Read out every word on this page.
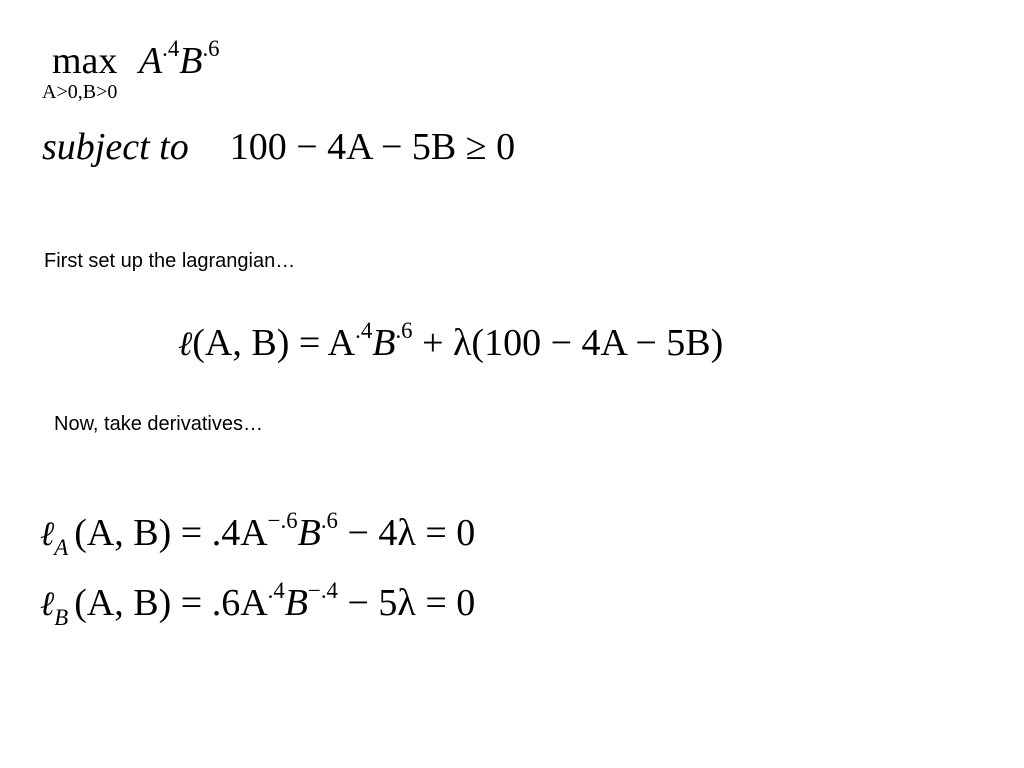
$\max A^{.4}B^{.6}$
A>0,B>0
subject to 100 − 4A − 5B ≥ 0
First set up the lagrangian…
ℓ(A, $B) = A^{.4}B^{.6} + \lambda(100 - 4A - 5B)$
Now, take derivatives…
ℓ$_A$ (A, $B) = .4A^{-.6}B^{.6} - 4\lambda = 0$
ℓ$_B$ (A, $B) = .6A^{.4}B^{-.4} - 5\lambda = 0$
